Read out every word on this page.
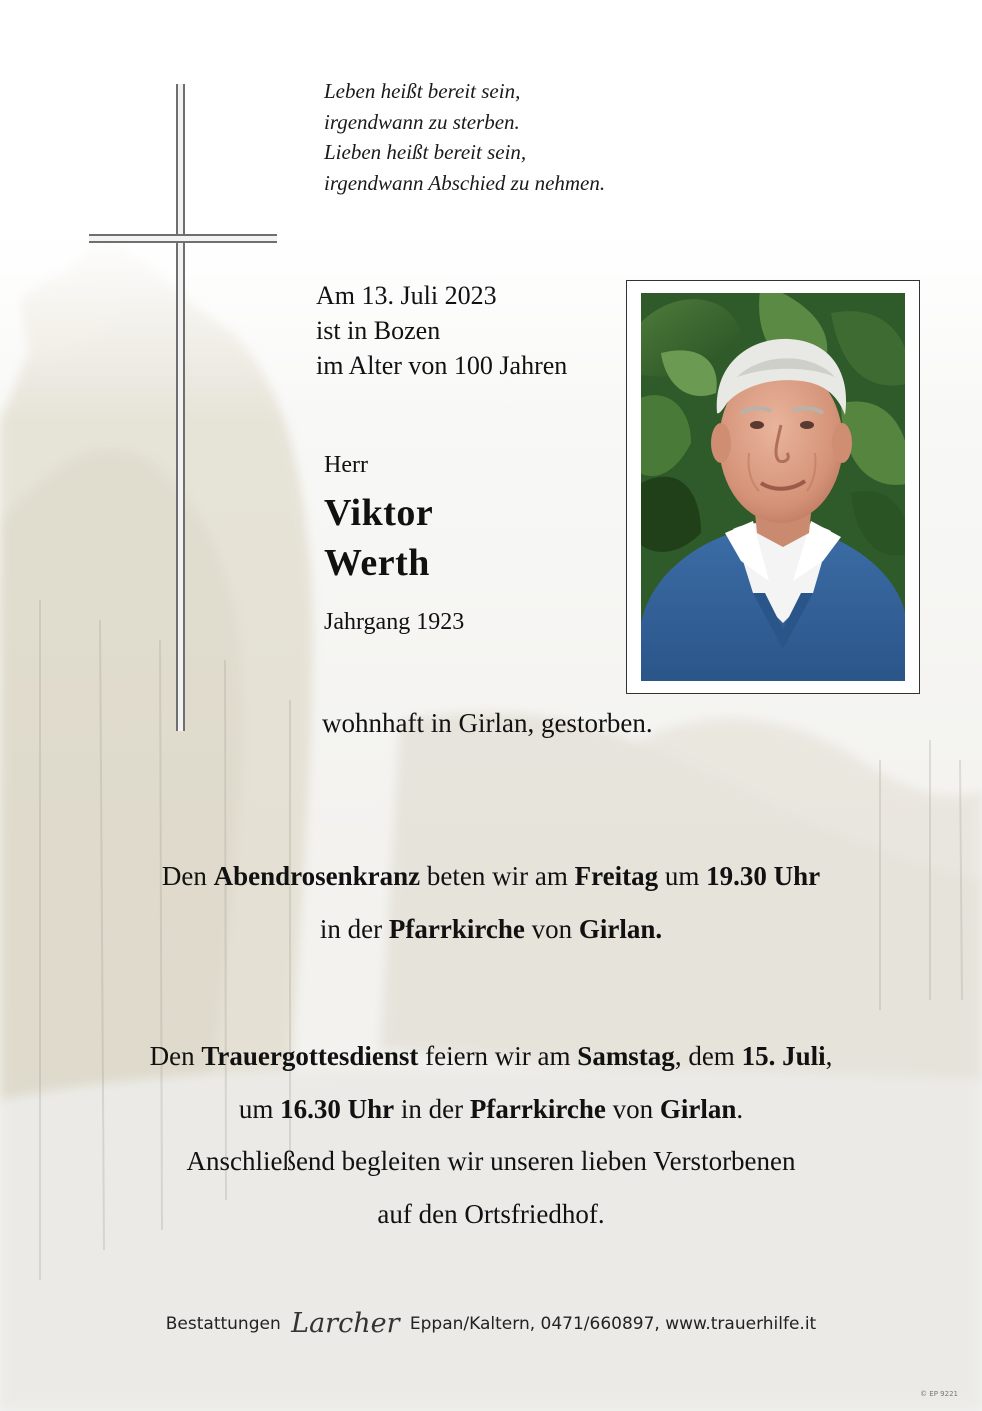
Leben heißt bereit sein,

irgendwann zu sterben.

Lieben heißt bereit sein,

irgendwann Abschied zu nehmen.

Am 13. Juli 2023

ist in Bozen

im Alter von 100 Jahren

Herr

Viktor

Werth

Jahrgang 1923

wohnhaft in Girlan, gestorben.

Den Abendrosenkranz beten wir am Freitag um 19.30 Uhr

in der Pfarrkirche von Girlan.

Den Trauergottesdienst feiern wir am Samstag, dem 15. Juli,

um 16.30 Uhr in der Pfarrkirche von Girlan.

Anschließend begleiten wir unseren lieben Verstorbenen

auf den Ortsfriedhof.

Bestattungen Larcher Eppan/Kaltern, 0471/660897, www.trauerhilfe.it
© EP 9221
